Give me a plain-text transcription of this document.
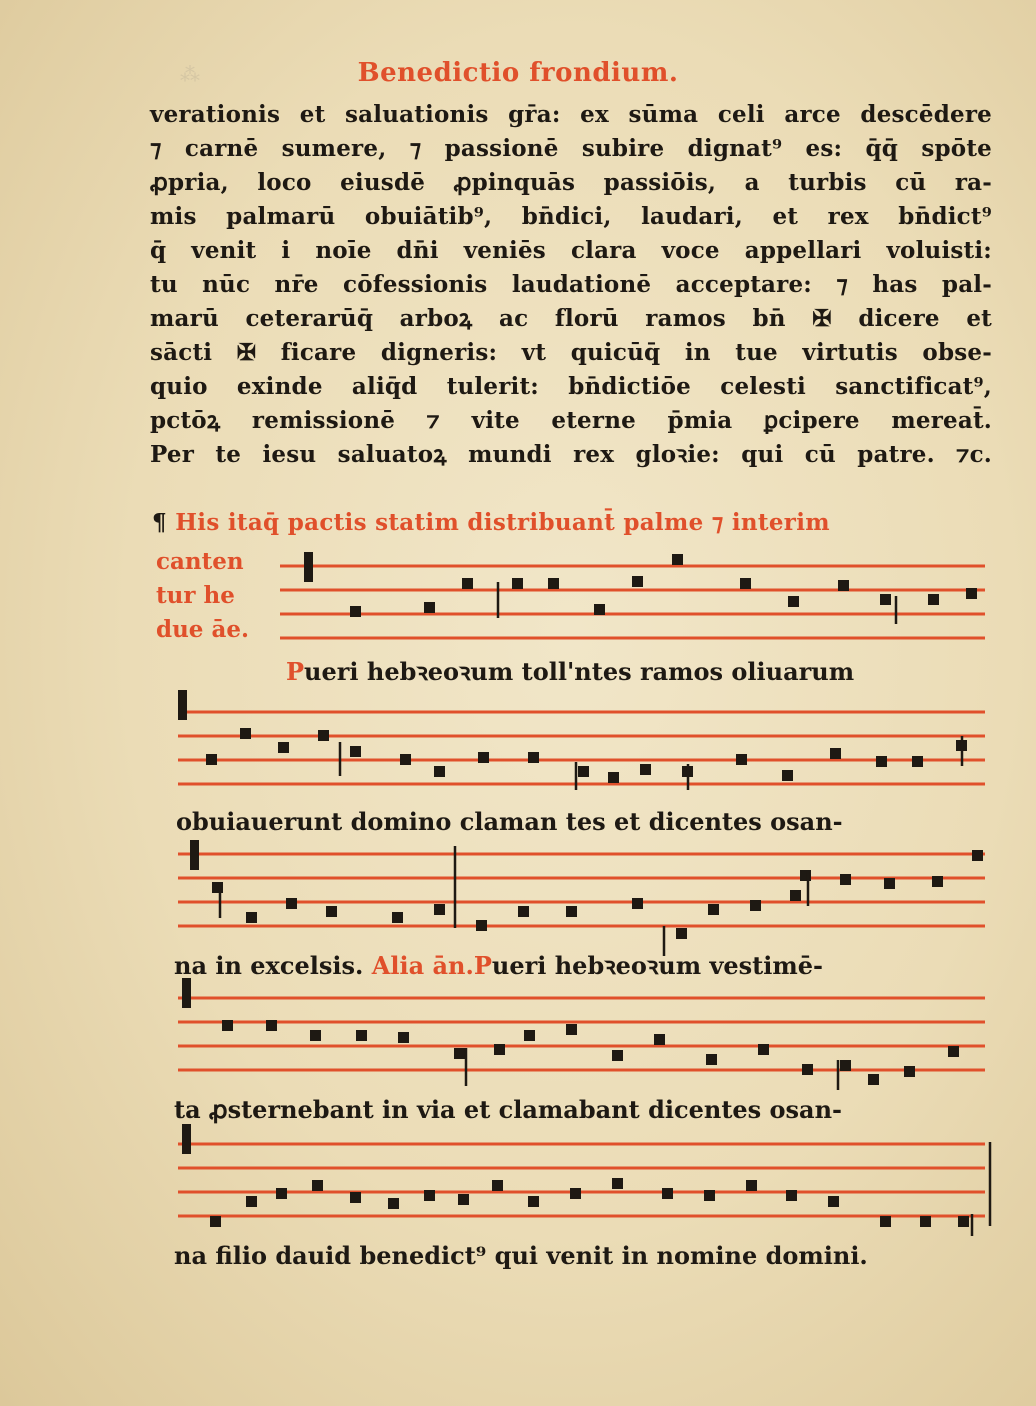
⁂	Benedictio frondium.
verationis et saluationis gr̄a: ex sūma celi arce descēdere
⁊ carnē sumere, ⁊ passionē subire dignat⁹ es: q̄q̄ spōte
ꝓpria, loco eiusdē ꝓpinquās passiōis, a turbis cū ra-
mis palmarū obuiātib⁹, bn̄dici, laudari, et rex bn̄dict⁹
q̄ venit i noīe dn̄i veniēs clara voce appellari voluisti:
tu nūc nr̄e cōfessionis laudationē acceptare: ⁊ has pal-
marū ceterarūq̄ arboꝝ ac florū ramos bn̄ ✠ dicere et
sācti ✠ ficare digneris: vt quicūq̄ in tue virtutis obse-
quio exinde aliq̄d tulerit: bn̄dictiōe celesti sanctificat⁹,
pctōꝝ remissionē ⁊ vite eterne p̄mia ꝑcipere mereat̄.
Per te iesu saluatoꝝ mundi rex gloꝛie: qui cū patre. ⁊c.
¶ His itaq̄ pactis statim distribuant̄ palme ⁊ interim
canten
tur he
due āe.
Pueri hebꝛeoꝛum toll'ntes ramos oliuarum
obuiauerunt domino claman tes et dicentes osan-
na in excelsis. Alia ān.Pueri hebꝛeoꝛum vestimē-
ta ꝓsternebant in via et clamabant dicentes osan-
na filio dauid benedict⁹ qui venit in nomine domini.
